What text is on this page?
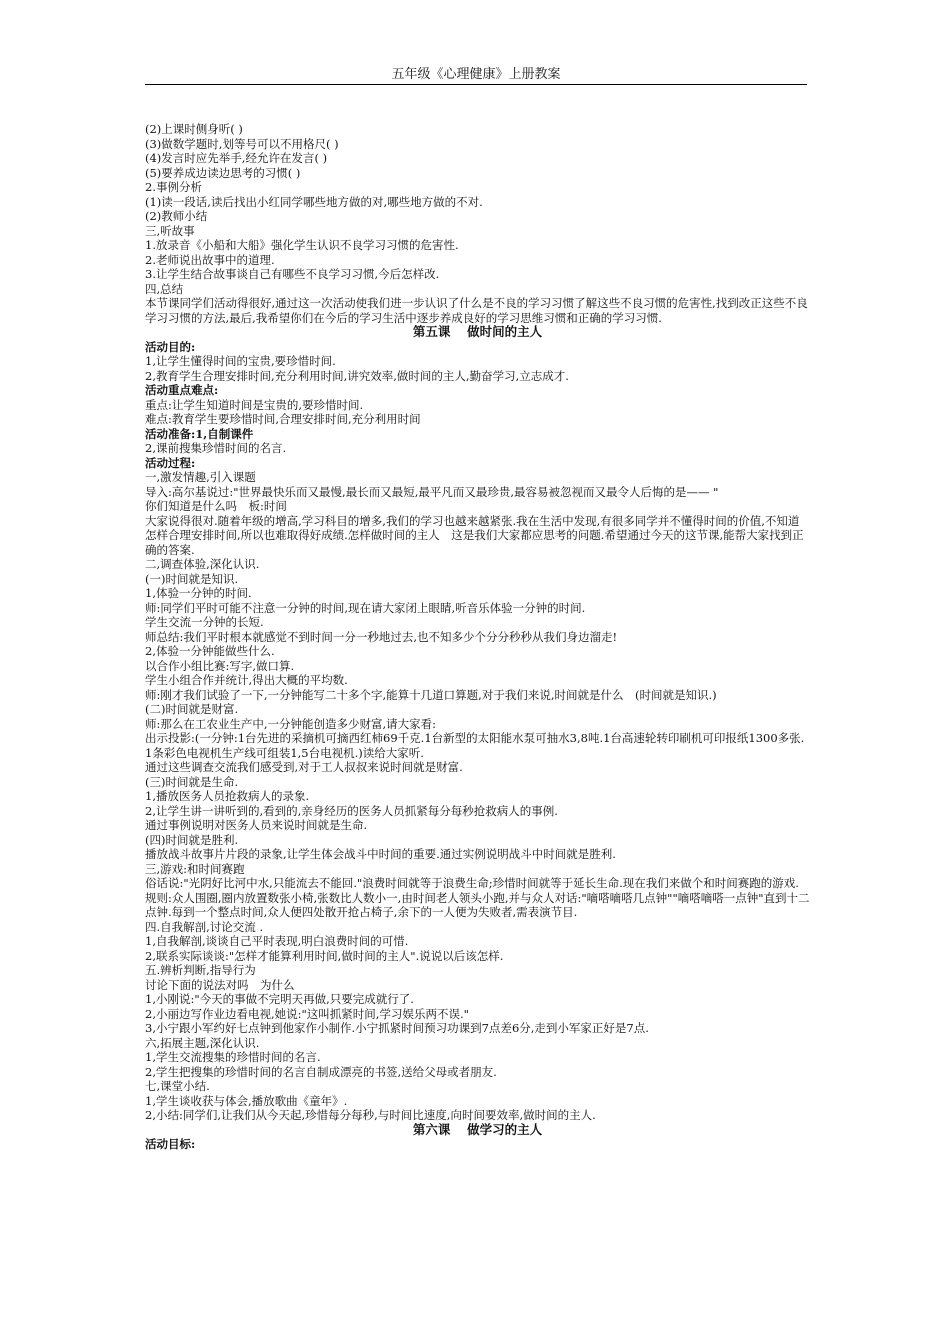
五年级《心理健康》上册教案
(2)上课时侧身听( )
(3)做数学题时,划等号可以不用格尺( )
(4)发言时应先举手,经允许在发言( )
(5)要养成边读边思考的习惯( )
2.事例分析
(1)读一段话,读后找出小红同学哪些地方做的对,哪些地方做的不对.
(2)教师小结
三,听故事
1.放录音《小船和大船》强化学生认识不良学习习惯的危害性.
2.老师说出故事中的道理.
3.让学生结合故事谈自己有哪些不良学习习惯,今后怎样改.
四,总结
本节课同学们活动得很好,通过这一次活动使我们进一步认识了什么是不良的学习习惯了解这些不良习惯的危害性,找到改正这些不良学习习惯的方法,最后,我希望你们在今后的学习生活中逐步养成良好的学习思维习惯和正确的学习习惯.
第五课　 做时间的主人
活动目的:
1,让学生懂得时间的宝贵,要珍惜时间.
2,教育学生合理安排时间,充分利用时间,讲究效率,做时间的主人,勤奋学习,立志成才.
活动重点难点:
重点:让学生知道时间是宝贵的,要珍惜时间.
难点:教育学生要珍惜时间,合理安排时间,充分利用时间
活动准备:1,自制课件
2,课前搜集珍惜时间的名言.
活动过程:
一,激发情趣,引入课题
导入:高尔基说过:"世界最快乐而又最慢,最长而又最短,最平凡而又最珍贵,最容易被忽视而又最令人后悔的是—— "
你们知道是什么吗　板:时间
大家说得很对.随着年级的增高,学习科目的增多,我们的学习也越来越紧张.我在生活中发现,有很多同学并不懂得时间的价值,不知道怎样合理安排时间,所以也难取得好成绩.怎样做时间的主人　这是我们大家都应思考的问题.希望通过今天的这节课,能帮大家找到正确的答案.
二,调查体验,深化认识.
(一)时间就是知识.
1,体验一分钟的时间.
师:同学们平时可能不注意一分钟的时间,现在请大家闭上眼睛,听音乐体验一分钟的时间.
学生交流一分钟的长短.
师总结:我们平时根本就感觉不到时间一分一秒地过去,也不知多少个分分秒秒从我们身边溜走!
2,体验一分钟能做些什么.
以合作小组比赛:写字,做口算.
学生小组合作并统计,得出大概的平均数.
师:刚才我们试验了一下,一分钟能写二十多个字,能算十几道口算题,对于我们来说,时间就是什么　(时间就是知识.)
(二)时间就是财富.
师:那么在工农业生产中,一分钟能创造多少财富,请大家看:
出示投影:(一分钟:1台先进的采摘机可摘西红柿69千克.1台新型的太阳能水泵可抽水3,8吨.1台高速轮转印刷机可印报纸1300多张.1条彩色电视机生产线可组装1,5台电视机.)读给大家听.
通过这些调查交流我们感受到,对于工人叔叔来说时间就是财富.
(三)时间就是生命.
1,播放医务人员抢救病人的录象.
2,让学生讲一讲听到的,看到的,亲身经历的医务人员抓紧每分每秒抢救病人的事例.
通过事例说明对医务人员来说时间就是生命.
(四)时间就是胜利.
播放战斗故事片片段的录象,让学生体会战斗中时间的重要.通过实例说明战斗中时间就是胜利.
三,游戏:和时间赛跑
俗话说:"光阴好比河中水,只能流去不能回."浪费时间就等于浪费生命;珍惜时间就等于延长生命.现在我们来做个和时间赛跑的游戏.
规则:众人围圈,圈内放置数张小椅,张数比人数小一,由时间老人领头小跑,并与众人对话:"嘀嗒嘀嗒几点钟""嘀嗒嘀嗒一点钟"直到十二点钟.每到一个整点时间,众人便四处散开抢占椅子,余下的一人便为失败者,需表演节目.
四.自我解剖,讨论交流 .
1,自我解剖,谈谈自己平时表现,明白浪费时间的可惜.
2,联系实际谈谈:"怎样才能算利用时间,做时间的主人".说说以后该怎样.
五.辨析判断,指导行为
讨论下面的说法对吗　为什么
1,小刚说:"今天的事做不完明天再做,只要完成就行了.
2,小丽边写作业边看电视,她说:"这叫抓紧时间,学习娱乐两不误."
3,小宁跟小军约好七点钟到他家作小制作.小宁抓紧时间预习功课到7点差6分,走到小军家正好是7点.
六,拓展主题,深化认识.
1,学生交流搜集的珍惜时间的名言.
2,学生把搜集的珍惜时间的名言自制成漂亮的书签,送给父母或者朋友.
七,课堂小结.
1,学生谈收获与体会,播放歌曲《童年》.
2,小结:同学们,让我们从今天起,珍惜每分每秒,与时间比速度,向时间要效率,做时间的主人.
第六课　 做学习的主人
活动目标:
